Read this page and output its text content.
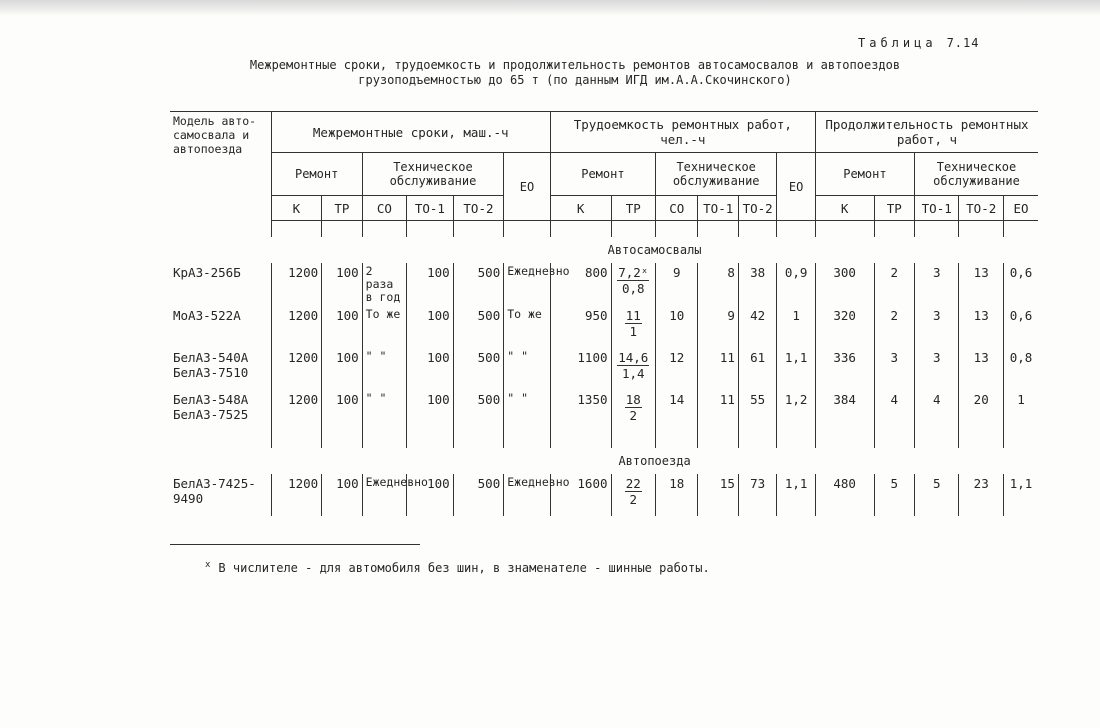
Таблица 7.14
Межремонтные сроки, трудоемкость и продолжительность ремонтов автосамосвалов и автопоездов
грузоподъемностью до 65 т (по данным ИГД им.А.А.Скочинского)
Модель авто-самосвала и автопоезда	Межремонтные сроки, маш.-ч						Трудоемкость ремонтных работ, чел.-ч						Продолжительность ремонтных работ, ч				
	Ремонт		Техническое обслуживание			ЕО	Ремонт		Техническое обслуживание			ЕО	Ремонт		Техническое обслуживание		
	К	ТР	СО	ТО-1	ТО-2		К	ТР	СО	ТО-1	ТО-2		К	ТР	ТО-1	ТО-2	ЕО

	Автосамосвалы																
КрАЗ-256Б	1200	100	2 раза в год	100	500	Ежедневно	800	$\frac{\text{7,2ˣ}}{0,8}$	9	8	38	0,9	300	2	3	13	0,6
МоАЗ-522А	1200	100	То же	100	500	То же	950	$\frac{11}{1}$	10	9	42	1	320	2	3	13	0,6
БелАЗ-540А БелАЗ-7510	1200	100	" "	100	500	" "	1100	$\frac{14,6}{1,4}$	12	11	61	1,1	336	3	3	13	0,8
БелАЗ-548А БелАЗ-7525	1200	100	" "	100	500	" "	1350	$\frac{18}{2}$	14	11	55	1,2	384	4	4	20	1

	Автопоезда																
БелАЗ-7425-9490	1200	100	Ежедневно	100	500	Ежедневно	1600	$\frac{22}{2}$	18	15	73	1,1	480	5	5	23	1,1
$^x$ В числителе - для автомобиля без шин, в знаменателе - шинные работы.
